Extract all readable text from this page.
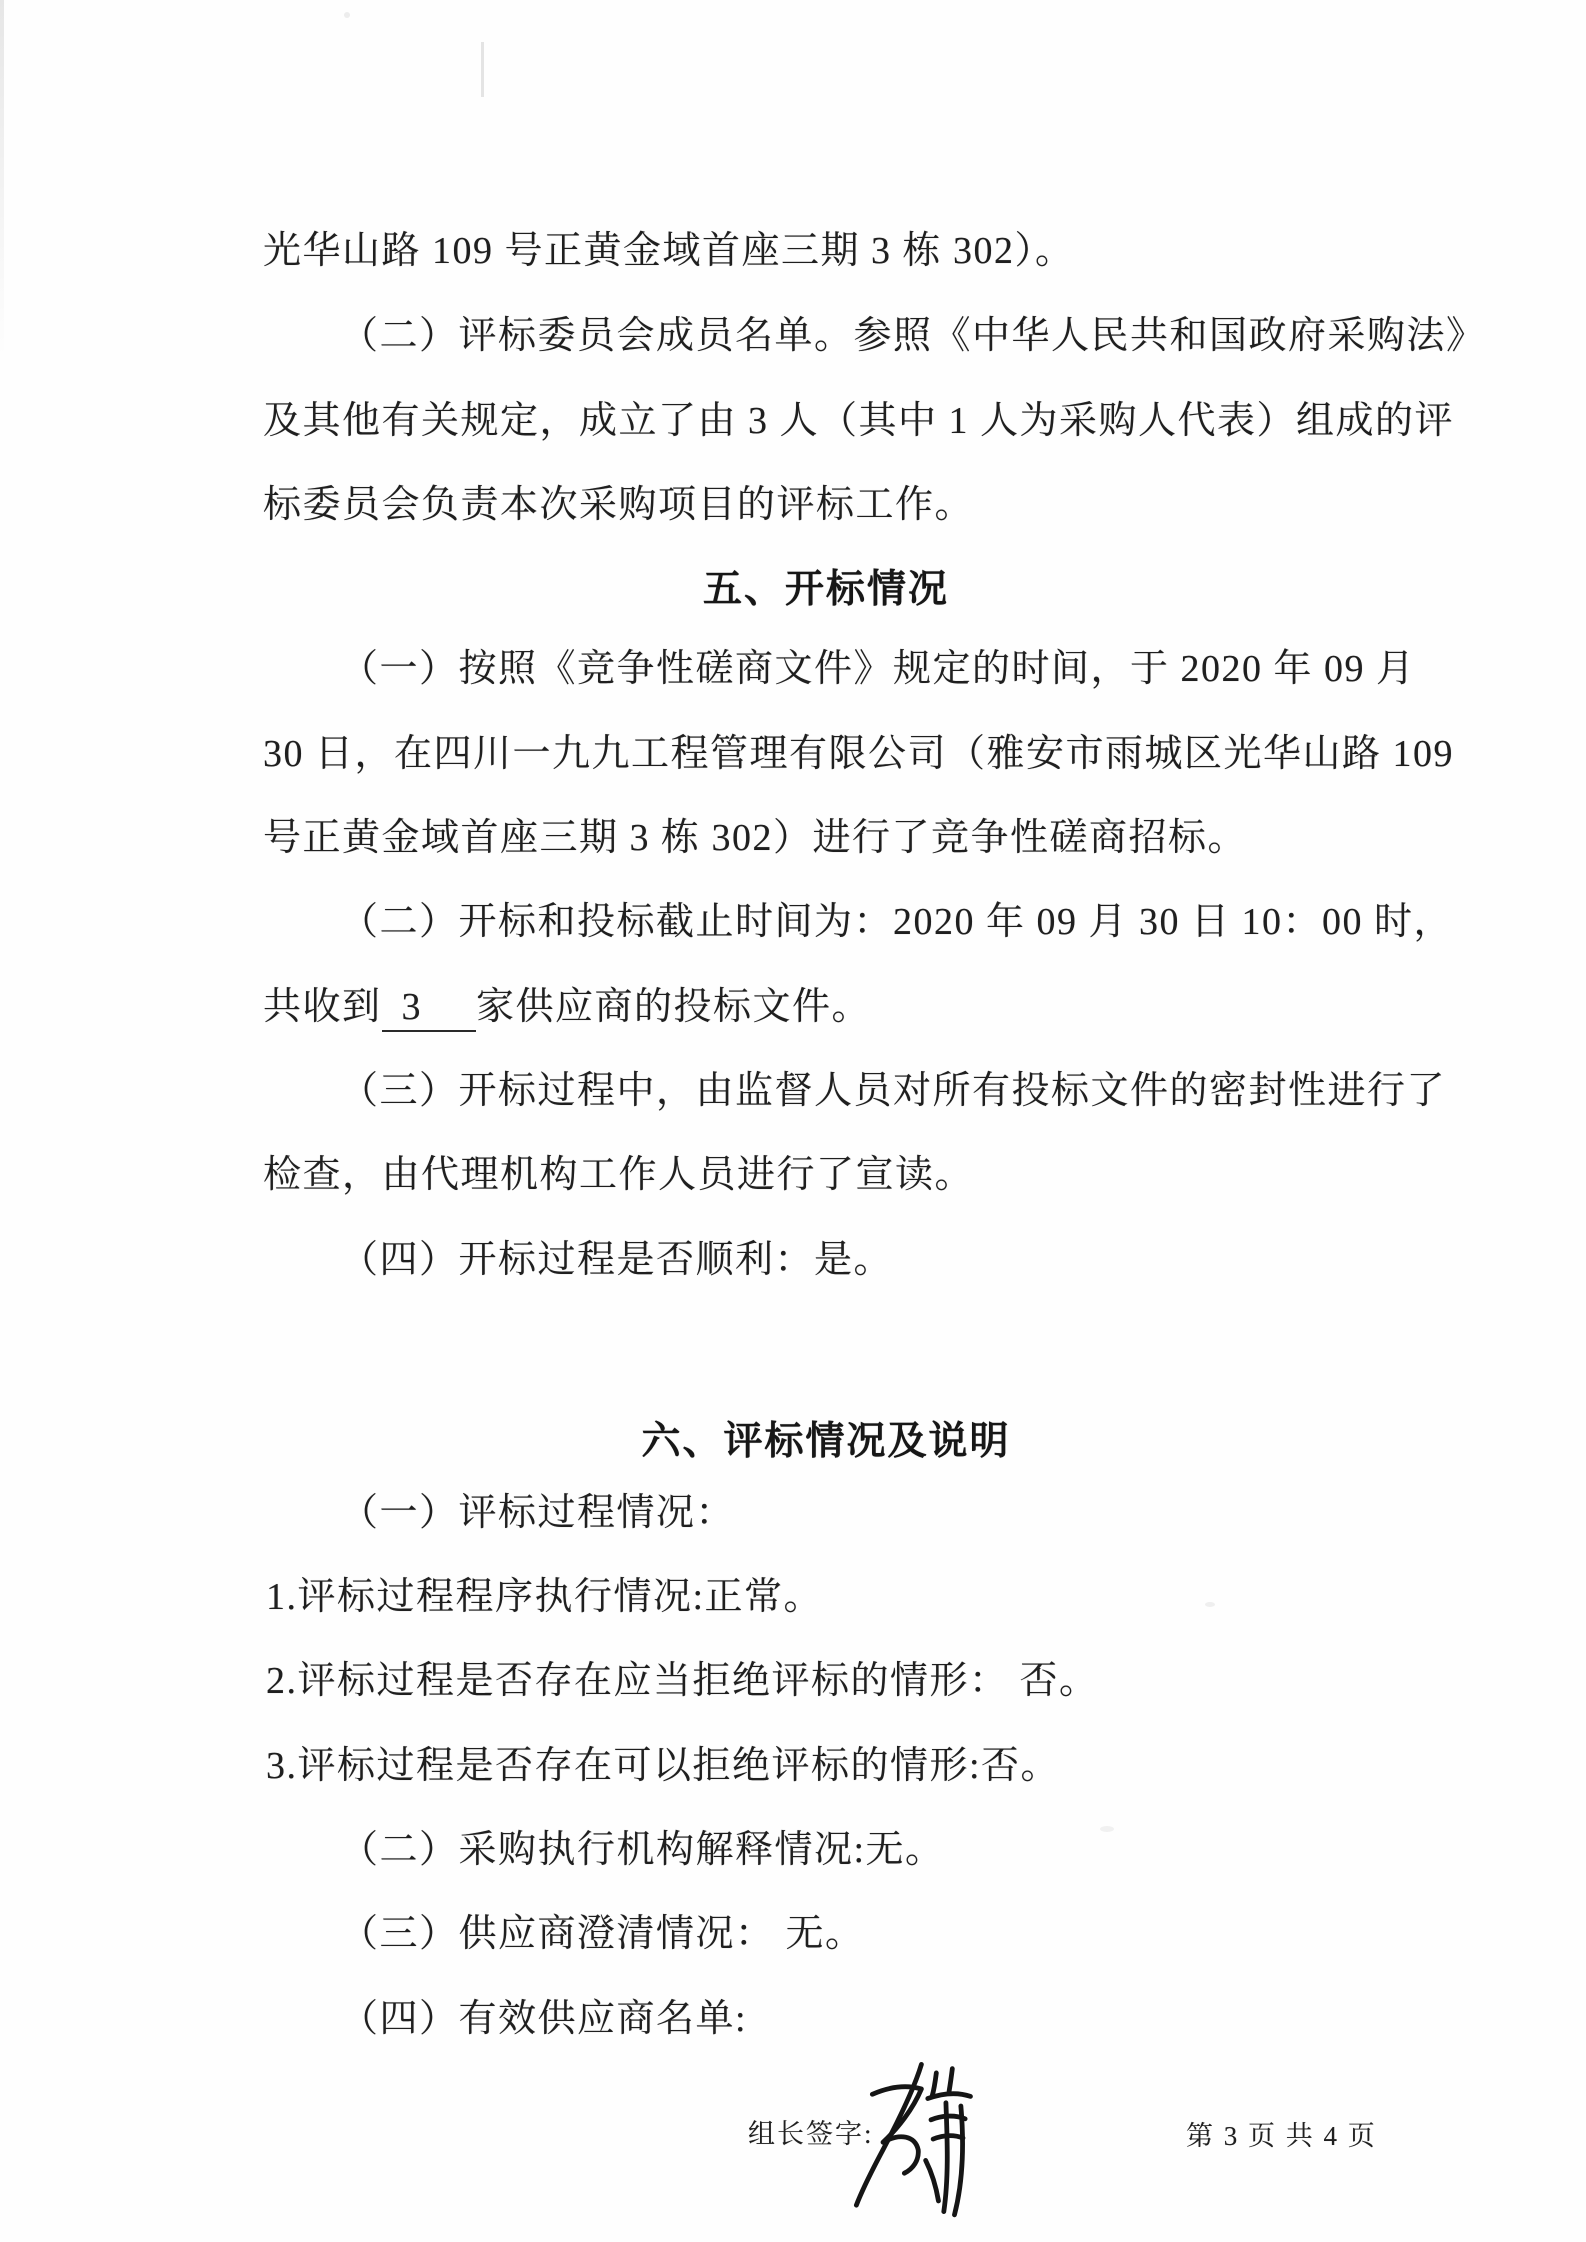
光华山路 109 号正黄金域首座三期 3 栋 302）。
（二）评标委员会成员名单。参照《中华人民共和国政府采购法》
及其他有关规定，成立了由 3 人（其中 1 人为采购人代表）组成的评
标委员会负责本次采购项目的评标工作。
五、开标情况
（一）按照《竞争性磋商文件》规定的时间，于 2020 年 09 月
30 日，在四川一九九工程管理有限公司（雅安市雨城区光华山路 109
号正黄金域首座三期 3 栋 302）进行了竞争性磋商招标。
（二）开标和投标截止时间为：2020 年 09 月 30 日 10：00 时，
共收到 3 家供应商的投标文件。
（三）开标过程中，由监督人员对所有投标文件的密封性进行了
检查，由代理机构工作人员进行了宣读。
（四）开标过程是否顺利：是。
六、评标情况及说明
（一）评标过程情况：
1.评标过程程序执行情况:正常。
2.评标过程是否存在应当拒绝评标的情形： 否。
3.评标过程是否存在可以拒绝评标的情形:否。
（二）采购执行机构解释情况:无。
（三）供应商澄清情况： 无。
（四）有效供应商名单:
组长签字:	第 3 页 共 4 页
